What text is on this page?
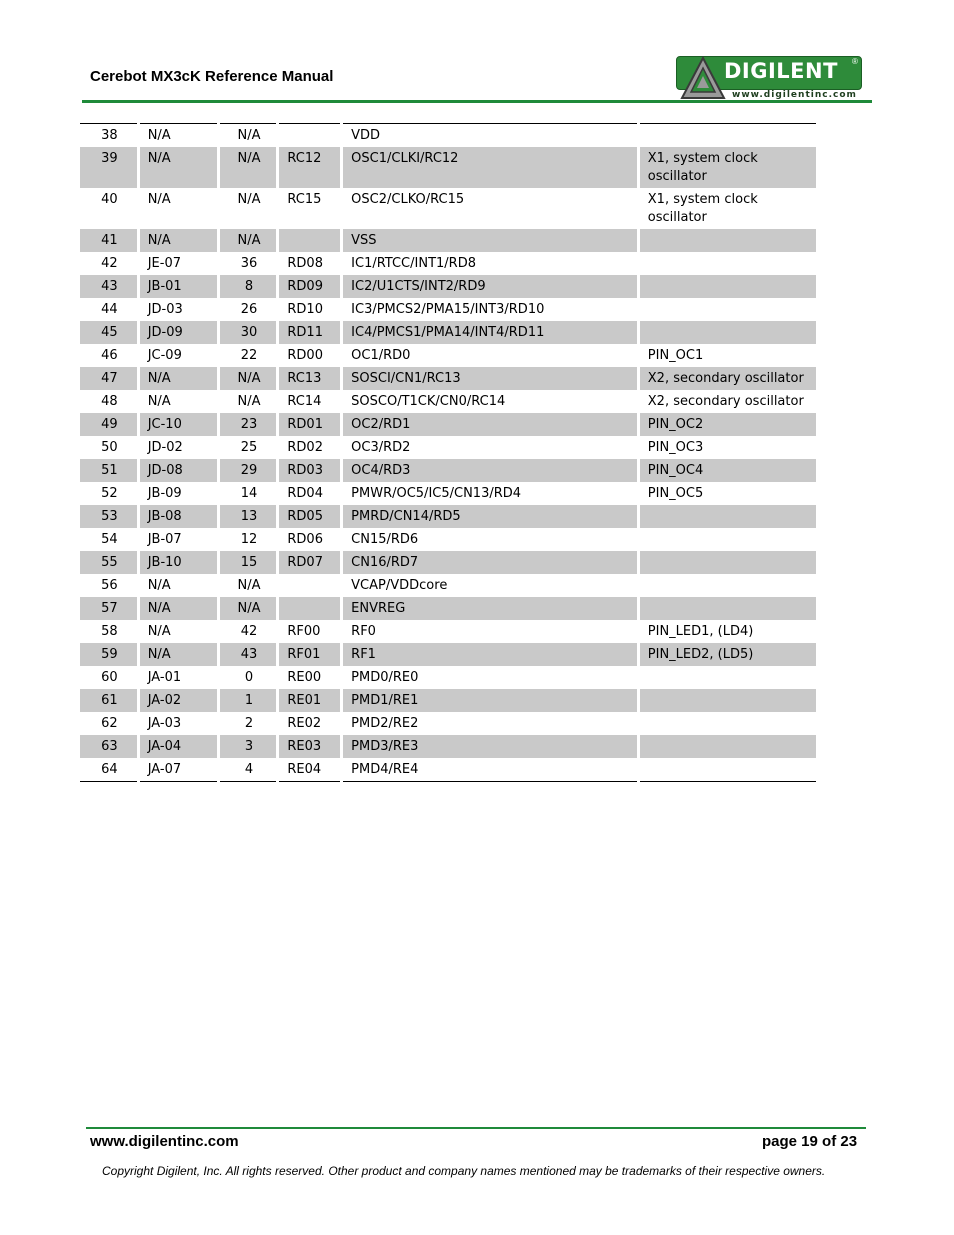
Cerebot MX3cK Reference Manual	DIGILENT ®
www.digilentinc.com
38	N/A	N/A		VDD	
39	N/A	N/A	RC12	OSC1/CLKI/RC12	X1, system clock oscillator
40	N/A	N/A	RC15	OSC2/CLKO/RC15	X1, system clock oscillator
41	N/A	N/A		VSS	
42	JE-07	36	RD08	IC1/RTCC/INT1/RD8	
43	JB-01	8	RD09	IC2/U1CTS/INT2/RD9	
44	JD-03	26	RD10	IC3/PMCS2/PMA15/INT3/RD10	
45	JD-09	30	RD11	IC4/PMCS1/PMA14/INT4/RD11	
46	JC-09	22	RD00	OC1/RD0	PIN_OC1
47	N/A	N/A	RC13	SOSCI/CN1/RC13	X2, secondary oscillator
48	N/A	N/A	RC14	SOSCO/T1CK/CN0/RC14	X2, secondary oscillator
49	JC-10	23	RD01	OC2/RD1	PIN_OC2
50	JD-02	25	RD02	OC3/RD2	PIN_OC3
51	JD-08	29	RD03	OC4/RD3	PIN_OC4
52	JB-09	14	RD04	PMWR/OC5/IC5/CN13/RD4	PIN_OC5
53	JB-08	13	RD05	PMRD/CN14/RD5	
54	JB-07	12	RD06	CN15/RD6	
55	JB-10	15	RD07	CN16/RD7	
56	N/A	N/A		VCAP/VDDcore	
57	N/A	N/A		ENVREG	
58	N/A	42	RF00	RF0	PIN_LED1, (LD4)
59	N/A	43	RF01	RF1	PIN_LED2, (LD5)
60	JA-01	0	RE00	PMD0/RE0	
61	JA-02	1	RE01	PMD1/RE1	
62	JA-03	2	RE02	PMD2/RE2	
63	JA-04	3	RE03	PMD3/RE3	
64	JA-07	4	RE04	PMD4/RE4	
www.digilentinc.com	page 19 of 23
Copyright Digilent, Inc. All rights reserved. Other product and company names mentioned may be trademarks of their respective owners.
